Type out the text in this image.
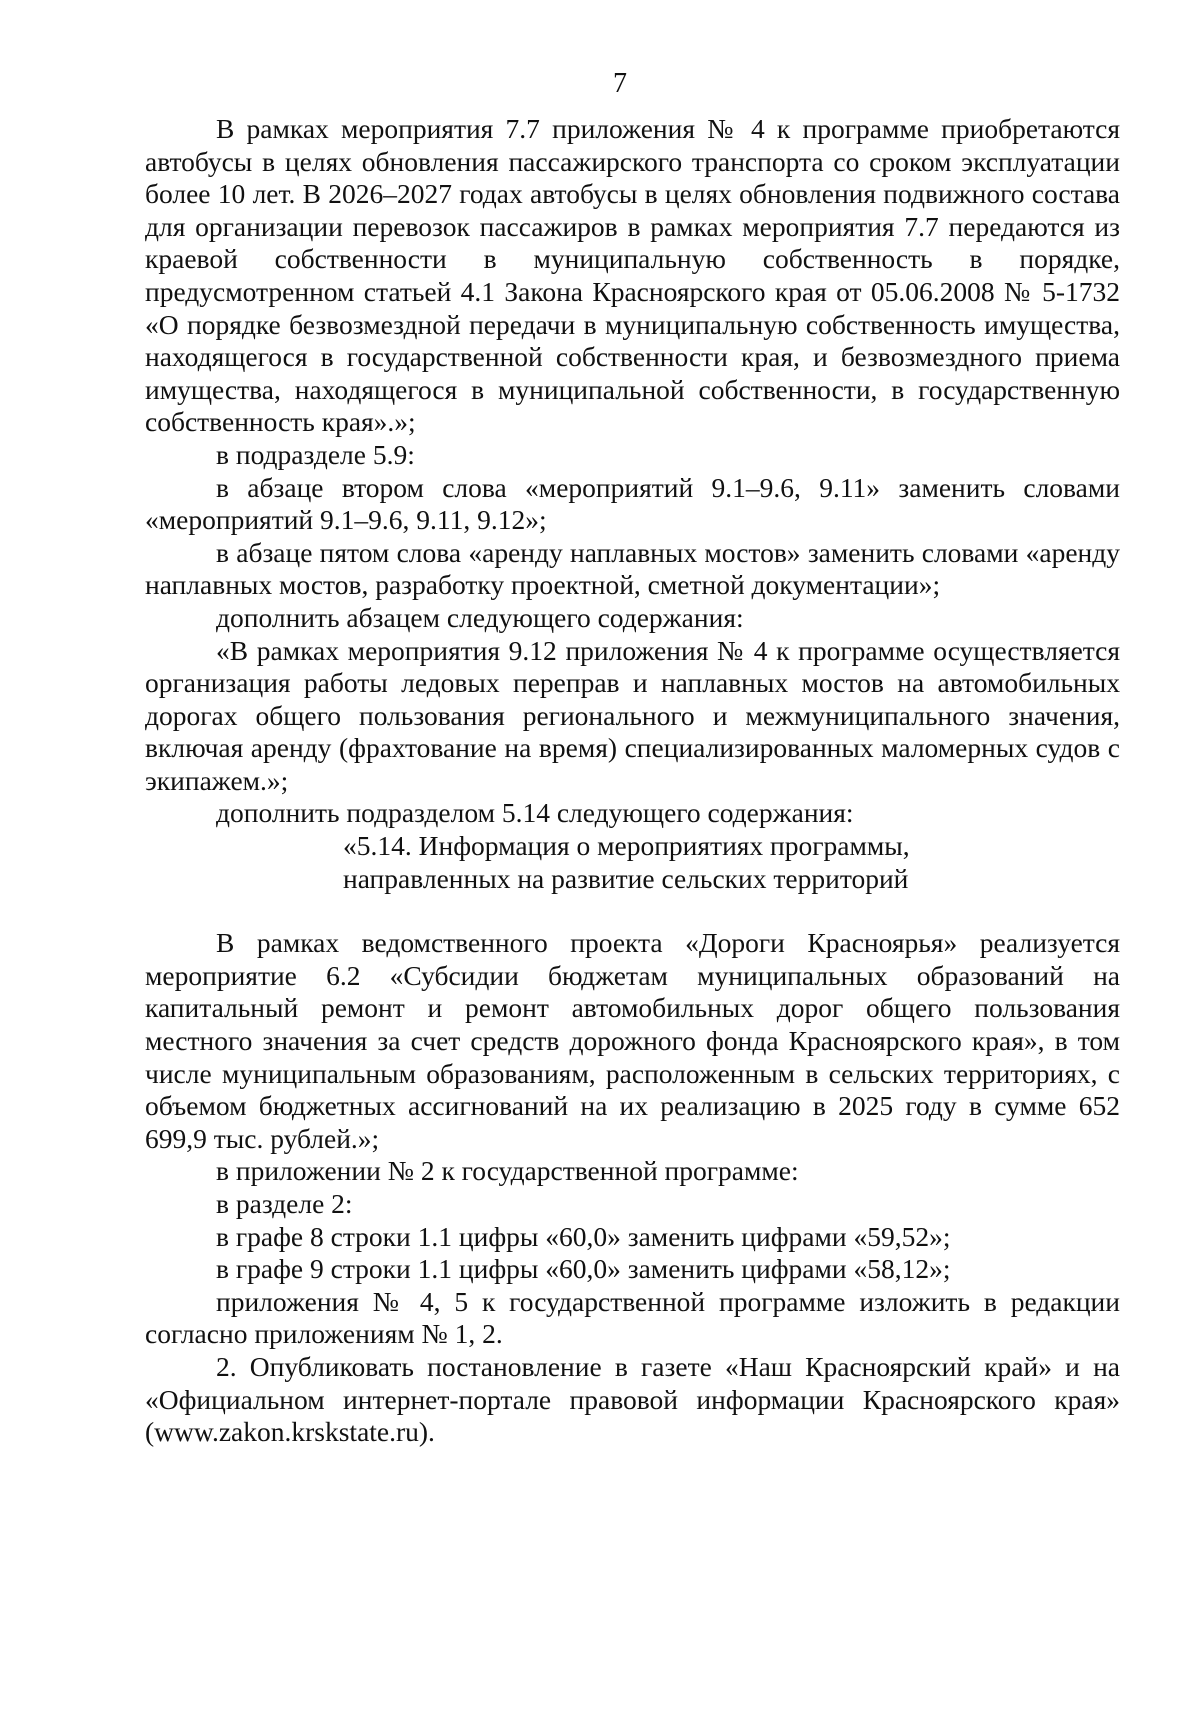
7

В рамках мероприятия 7.7 приложения № 4 к программе приобретаются автобусы в целях обновления пассажирского транспорта со сроком эксплуатации более 10 лет. В 2026–2027 годах автобусы в целях обновления подвижного состава для организации перевозок пассажиров в рамках мероприятия 7.7 передаются из краевой собственности в муниципальную собственность в порядке, предусмотренном статьей 4.1 Закона Красноярского края от 05.06.2008 № 5-1732 «О порядке безвозмездной передачи в муниципальную собственность имущества, находящегося в государственной собственности края, и безвозмездного приема имущества, находящегося в муниципальной собственности, в государственную собственность края».»;

в подразделе 5.9:

в абзаце втором слова «мероприятий 9.1–9.6, 9.11» заменить словами «мероприятий 9.1–9.6, 9.11, 9.12»;

в абзаце пятом слова «аренду наплавных мостов» заменить словами «аренду наплавных мостов, разработку проектной, сметной документации»;

дополнить абзацем следующего содержания:

«В рамках мероприятия 9.12 приложения № 4 к программе осуществляется организация работы ледовых переправ и наплавных мостов на автомобильных дорогах общего пользования регионального и межмуниципального значения, включая аренду (фрахтование на время) специализированных маломерных судов с экипажем.»;

дополнить подразделом 5.14 следующего содержания:

«5.14. Информация о мероприятиях программы,

направленных на развитие сельских территорий

В рамках ведомственного проекта «Дороги Красноярья» реализуется мероприятие 6.2 «Субсидии бюджетам муниципальных образований на капитальный ремонт и ремонт автомобильных дорог общего пользования местного значения за счет средств дорожного фонда Красноярского края», в том числе муниципальным образованиям, расположенным в сельских территориях, с объемом бюджетных ассигнований на их реализацию в 2025 году в сумме 652 699,9 тыс. рублей.»;

в приложении № 2 к государственной программе:

в разделе 2:

в графе 8 строки 1.1 цифры «60,0» заменить цифрами «59,52»;

в графе 9 строки 1.1 цифры «60,0» заменить цифрами «58,12»;

приложения № 4, 5 к государственной программе изложить в редакции согласно приложениям № 1, 2.

2. Опубликовать постановление в газете «Наш Красноярский край» и на «Официальном интернет-портале правовой информации Красноярского края» (www.zakon.krskstate.ru).
